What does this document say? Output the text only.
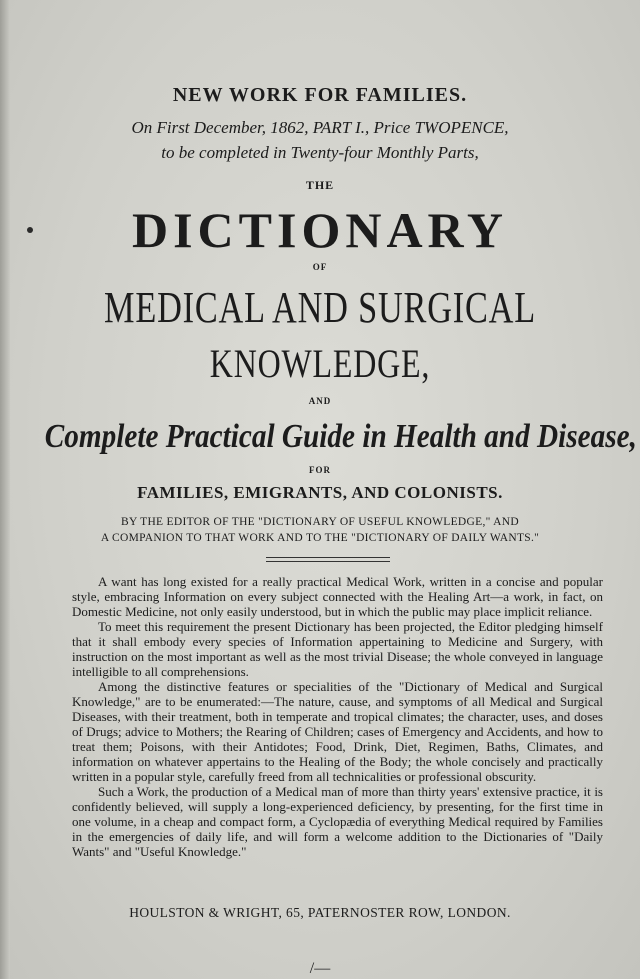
NEW WORK FOR FAMILIES.
On First December, 1862, PART I., Price TWOPENCE,
to be completed in Twenty-four Monthly Parts,
THE
DICTIONARY
OF
MEDICAL AND SURGICAL
KNOWLEDGE,
AND
Complete Practical Guide in Health and Disease,
FOR
FAMILIES, EMIGRANTS, AND COLONISTS.
BY THE EDITOR OF THE "DICTIONARY OF USEFUL KNOWLEDGE," AND
A COMPANION TO THAT WORK AND TO THE "DICTIONARY OF DAILY WANTS."

A want has long existed for a really practical Medical Work, written in a concise and popular style, embracing Information on every subject connected with the Healing Art—a work, in fact, on Domestic Medicine, not only easily understood, but in which the public may place implicit reliance.

To meet this requirement the present Dictionary has been projected, the Editor pledging himself that it shall embody every species of Information appertaining to Medicine and Surgery, with instruction on the most important as well as the most trivial Disease; the whole conveyed in language intelligible to all comprehensions.

Among the distinctive features or specialities of the "Dictionary of Medical and Surgical Knowledge," are to be enumerated:—The nature, cause, and symptoms of all Medical and Surgical Diseases, with their treatment, both in temperate and tropical climates; the character, uses, and doses of Drugs; advice to Mothers; the Rearing of Children; cases of Emergency and Accidents, and how to treat them; Poisons, with their Antidotes; Food, Drink, Diet, Regimen, Baths, Climates, and information on whatever appertains to the Healing of the Body; the whole concisely and practically written in a popular style, carefully freed from all technicalities or professional obscurity.

Such a Work, the production of a Medical man of more than thirty years' extensive practice, it is confidently believed, will supply a long-experienced deficiency, by presenting, for the first time in one volume, in a cheap and compact form, a Cyclopædia of everything Medical required by Families in the emergencies of daily life, and will form a welcome addition to the Dictionaries of "Daily Wants" and "Useful Knowledge."

HOULSTON & WRIGHT, 65, PATERNOSTER ROW, LONDON.
/—
